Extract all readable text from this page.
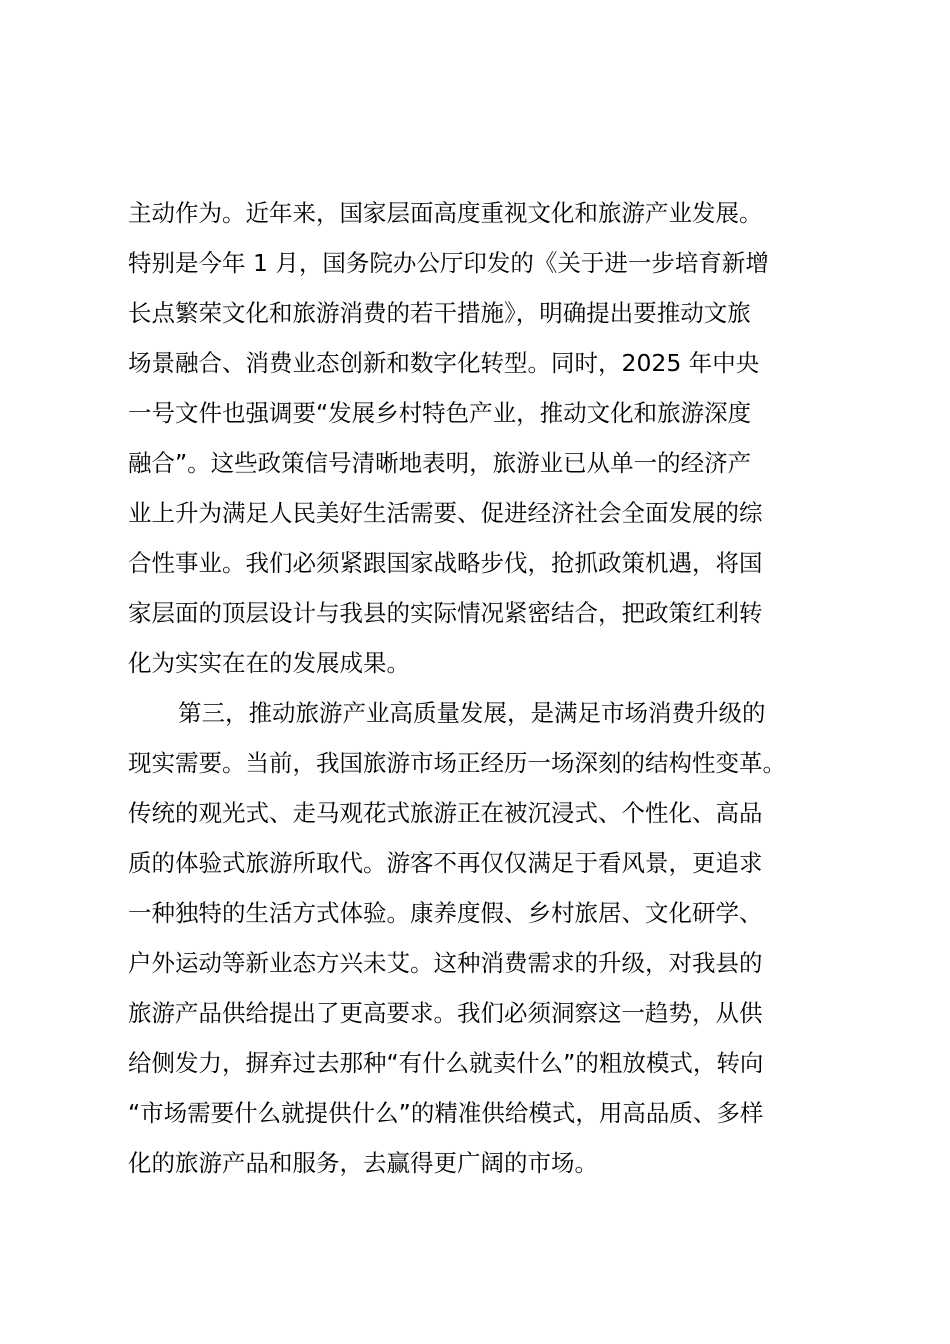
主动作为。近年来，国家层面高度重视文化和旅游产业发展。
特别是今年 1 月，国务院办公厅印发的《关于进一步培育新增
长点繁荣文化和旅游消费的若干措施》，明确提出要推动文旅
场景融合、消费业态创新和数字化转型。同时，2025 年中央
一号文件也强调要“发展乡村特色产业，推动文化和旅游深度
融合”。这些政策信号清晰地表明，旅游业已从单一的经济产
业上升为满足人民美好生活需要、促进经济社会全面发展的综
合性事业。我们必须紧跟国家战略步伐，抢抓政策机遇，将国
家层面的顶层设计与我县的实际情况紧密结合，把政策红利转
化为实实在在的发展成果。
第三，推动旅游产业高质量发展，是满足市场消费升级的
现实需要。当前，我国旅游市场正经历一场深刻的结构性变革。
传统的观光式、走马观花式旅游正在被沉浸式、个性化、高品
质的体验式旅游所取代。游客不再仅仅满足于看风景，更追求
一种独特的生活方式体验。康养度假、乡村旅居、文化研学、
户外运动等新业态方兴未艾。这种消费需求的升级，对我县的
旅游产品供给提出了更高要求。我们必须洞察这一趋势，从供
给侧发力，摒弃过去那种“有什么就卖什么”的粗放模式，转向
“市场需要什么就提供什么”的精准供给模式，用高品质、多样
化的旅游产品和服务，去赢得更广阔的市场。
